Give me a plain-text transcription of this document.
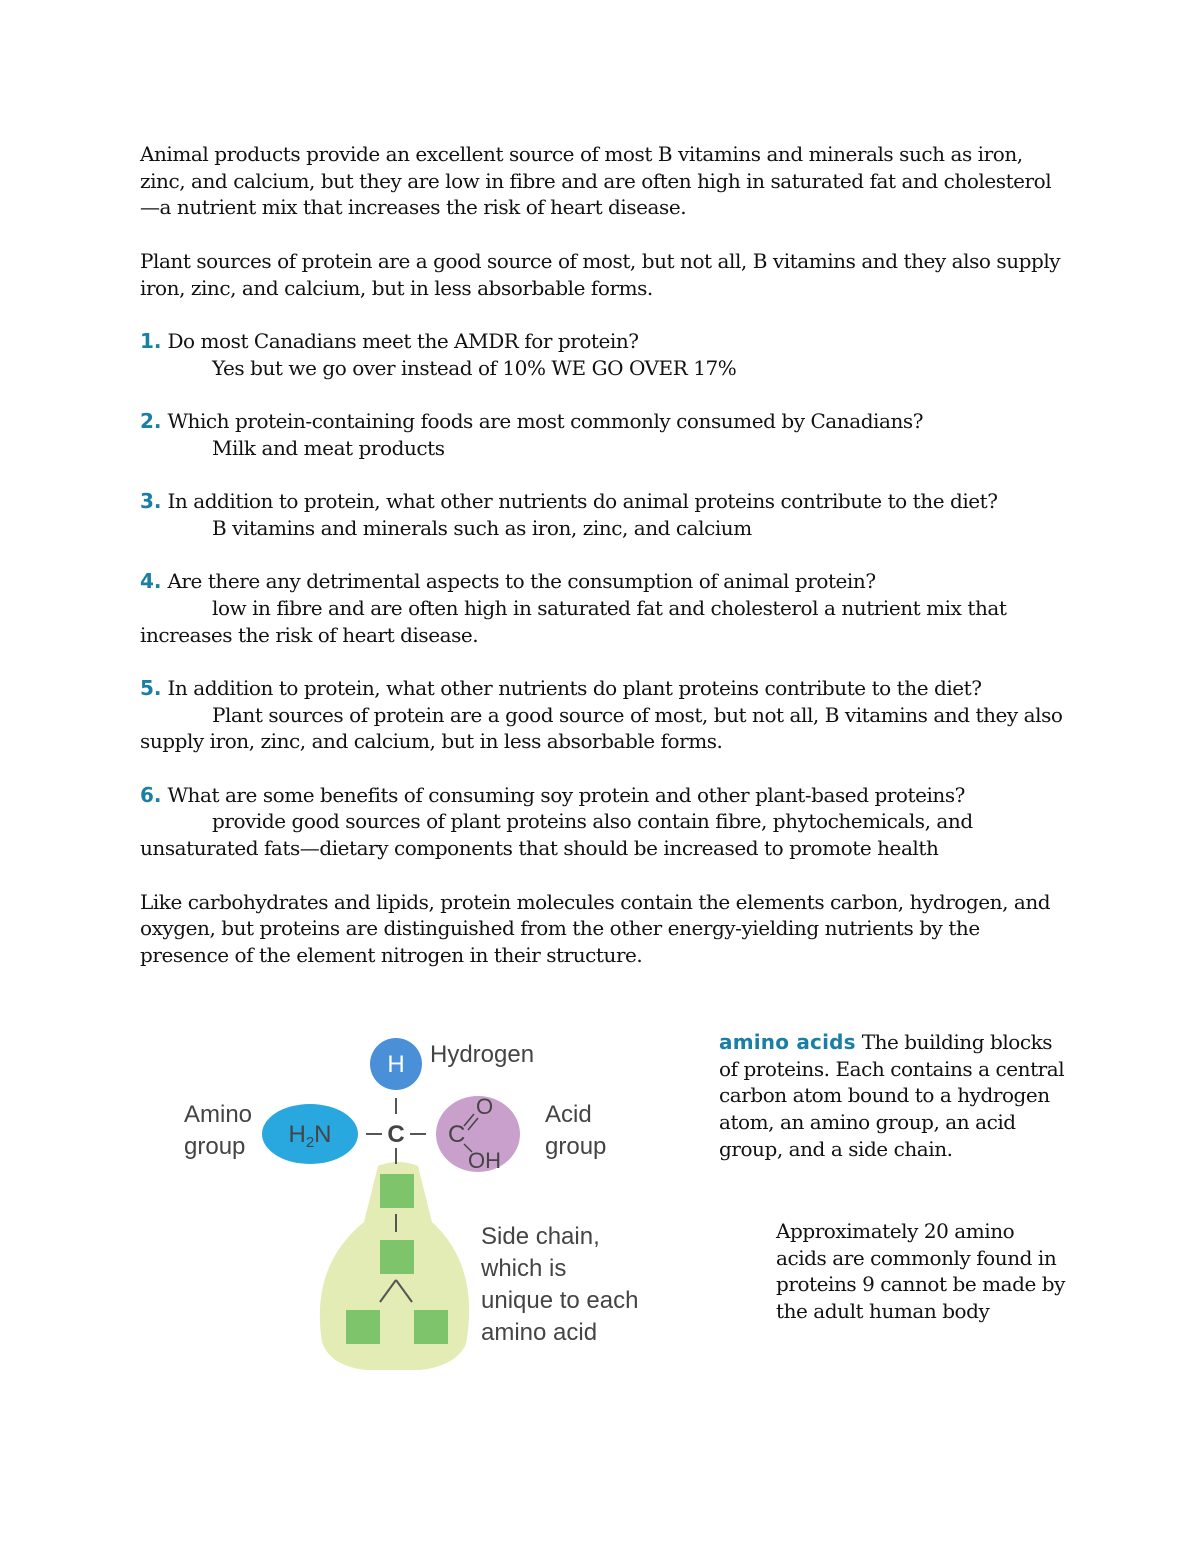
Animal products provide an excellent source of most B vitamins and minerals such as iron, zinc, and calcium, but they are low in fibre and are often high in saturated fat and cholesterol—a nutrient mix that increases the risk of heart disease.

Plant sources of protein are a good source of most, but not all, B vitamins and they also supply iron, zinc, and calcium, but in less absorbable forms.

1. Do most Canadians meet the AMDR for protein?
Yes but we go over instead of 10% WE GO OVER 17%

2. Which protein-containing foods are most commonly consumed by Canadians?
Milk and meat products

3. In addition to protein, what other nutrients do animal proteins contribute to the diet?
B vitamins and minerals such as iron, zinc, and calcium

4. Are there any detrimental aspects to the consumption of animal protein?
low in fibre and are often high in saturated fat and cholesterol a nutrient mix that increases the risk of heart disease.

5. In addition to protein, what other nutrients do plant proteins contribute to the diet?
Plant sources of protein are a good source of most, but not all, B vitamins and they also supply iron, zinc, and calcium, but in less absorbable forms.

6. What are some benefits of consuming soy protein and other plant-based proteins?
provide good sources of plant proteins also contain fibre, phytochemicals, and unsaturated fats—dietary components that should be increased to promote health

Like carbohydrates and lipids, protein molecules contain the elements carbon, hydrogen, and oxygen, but proteins are distinguished from the other energy-yielding nutrients by the presence of the element nitrogen in their structure.

H Hydrogen
$H_2N$
Amino
group	C C
O
OH
Acid
group
Side chain,
which is
unique to each
amino acid
amino acids The building blocks of proteins. Each contains a central carbon atom bound to a hydrogen atom, an amino group, an acid group, and a side chain.
Approximately 20 amino acids are commonly found in proteins 9 cannot be made by the adult human body
